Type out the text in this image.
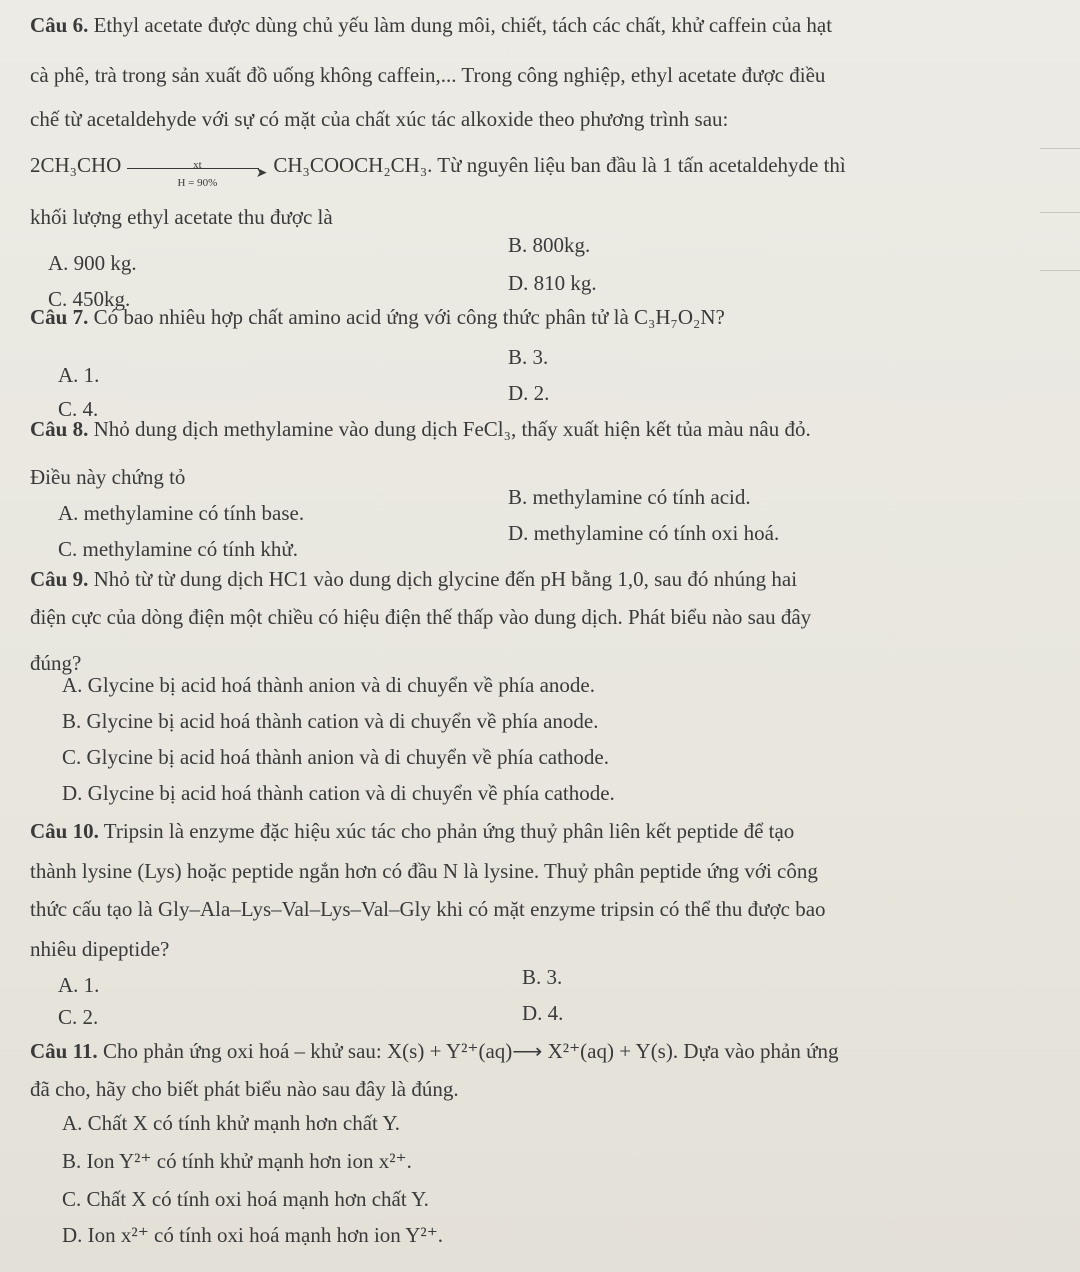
Câu 6. Ethyl acetate được dùng chủ yếu làm dung môi, chiết, tách các chất, khử caffein của hạt
cà phê, trà trong sản xuất đồ uống không caffein,... Trong công nghiệp, ethyl acetate được điều
chế từ acetaldehyde với sự có mặt của chất xúc tác alkoxide theo phương trình sau:
2CH₃CHO	xt
➤
H = 90%
CH₃COOCH₂CH₃. Từ nguyên liệu ban đầu là 1 tấn acetaldehyde thì
khối lượng ethyl acetate thu được là
A. 900 kg.
B. 800kg.
C. 450kg.
D. 810 kg.
Câu 7. Có bao nhiêu hợp chất amino acid ứng với công thức phân tử là C₃H₇O₂N?
A. 1.
B. 3.
C. 4.
D. 2.
Câu 8. Nhỏ dung dịch methylamine vào dung dịch FeCl₃, thấy xuất hiện kết tủa màu nâu đỏ.
Điều này chứng tỏ
A. methylamine có tính base.
B. methylamine có tính acid.
C. methylamine có tính khử.
D. methylamine có tính oxi hoá.
Câu 9. Nhỏ từ từ dung dịch HC1 vào dung dịch glycine đến pH bằng 1,0, sau đó nhúng hai
điện cực của dòng điện một chiều có hiệu điện thế thấp vào dung dịch. Phát biểu nào sau đây
đúng?
A. Glycine bị acid hoá thành anion và di chuyển về phía anode.
B. Glycine bị acid hoá thành cation và di chuyển về phía anode.
C. Glycine bị acid hoá thành anion và di chuyển về phía cathode.
D. Glycine bị acid hoá thành cation và di chuyển về phía cathode.
Câu 10. Tripsin là enzyme đặc hiệu xúc tác cho phản ứng thuỷ phân liên kết peptide để tạo
thành lysine (Lys) hoặc peptide ngắn hơn có đầu N là lysine. Thuỷ phân peptide ứng với công
thức cấu tạo là Gly–Ala–Lys–Val–Lys–Val–Gly khi có mặt enzyme tripsin có thể thu được bao
nhiêu dipeptide?
A. 1.	B. 3.
C. 2.	D. 4.
Câu 11. Cho phản ứng oxi hoá – khử sau: X(s) + Y²⁺(aq)⟶ X²⁺(aq) + Y(s). Dựa vào phản ứng
đã cho, hãy cho biết phát biểu nào sau đây là đúng.
A. Chất X có tính khử mạnh hơn chất Y.
B. Ion Y²⁺ có tính khử mạnh hơn ion x²⁺.
C. Chất X có tính oxi hoá mạnh hơn chất Y.
D. Ion x²⁺ có tính oxi hoá mạnh hơn ion Y²⁺.
